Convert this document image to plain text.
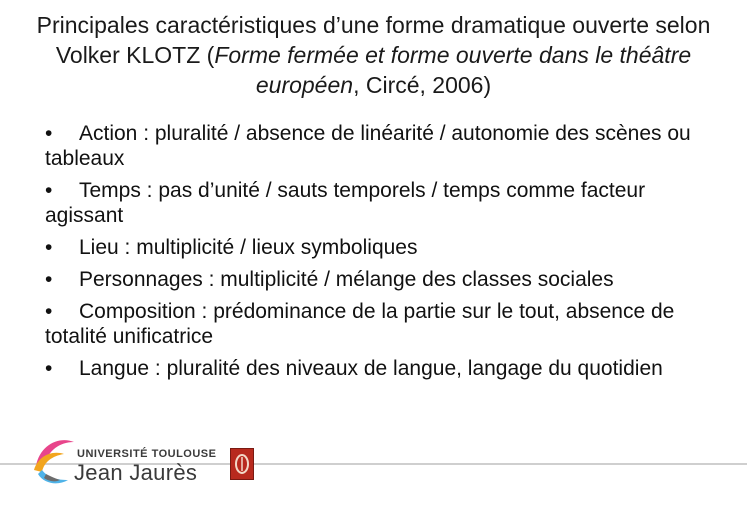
Principales caractéristiques d’une forme dramatique ouverte selon Volker KLOTZ (Forme fermée et forme ouverte dans le théâtre européen, Circé, 2006)
• Action : pluralité / absence de linéarité / autonomie des scènes ou tableaux
• Temps : pas d’unité / sauts temporels / temps comme facteur agissant
• Lieu : multiplicité / lieux symboliques
• Personnages : multiplicité / mélange des classes sociales
• Composition : prédominance de la partie sur le tout, absence de totalité unificatrice
• Langue : pluralité des niveaux de langue, langage du quotidien
UNIVERSITÉ TOULOUSE
Jean Jaurès
